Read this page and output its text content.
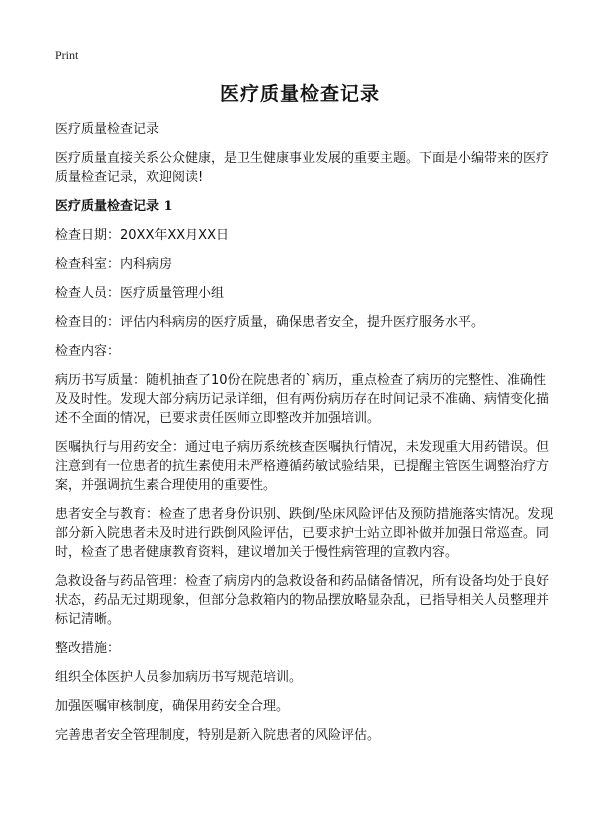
Print
医疗质量检查记录

医疗质量检查记录

医疗质量直接关系公众健康，是卫生健康事业发展的重要主题。下面是小编带来的医疗质量检查记录，欢迎阅读!

医疗质量检查记录 1

检查日期：20XX年XX月XX日

检查科室：内科病房

检查人员：医疗质量管理小组

检查目的：评估内科病房的医疗质量，确保患者安全，提升医疗服务水平。

检查内容：

病历书写质量：随机抽查了10份在院患者的`病历，重点检查了病历的完整性、准确性及及时性。发现大部分病历记录详细，但有两份病历存在时间记录不准确、病情变化描述不全面的情况，已要求责任医师立即整改并加强培训。

医嘱执行与用药安全：通过电子病历系统核查医嘱执行情况，未发现重大用药错误。但注意到有一位患者的抗生素使用未严格遵循药敏试验结果，已提醒主管医生调整治疗方案，并强调抗生素合理使用的重要性。

患者安全与教育：检查了患者身份识别、跌倒/坠床风险评估及预防措施落实情况。发现部分新入院患者未及时进行跌倒风险评估，已要求护士站立即补做并加强日常巡查。同时，检查了患者健康教育资料，建议增加关于慢性病管理的宣教内容。

急救设备与药品管理：检查了病房内的急救设备和药品储备情况，所有设备均处于良好状态，药品无过期现象，但部分急救箱内的物品摆放略显杂乱，已指导相关人员整理并标记清晰。

整改措施：

组织全体医护人员参加病历书写规范培训。

加强医嘱审核制度，确保用药安全合理。

完善患者安全管理制度，特别是新入院患者的风险评估。
